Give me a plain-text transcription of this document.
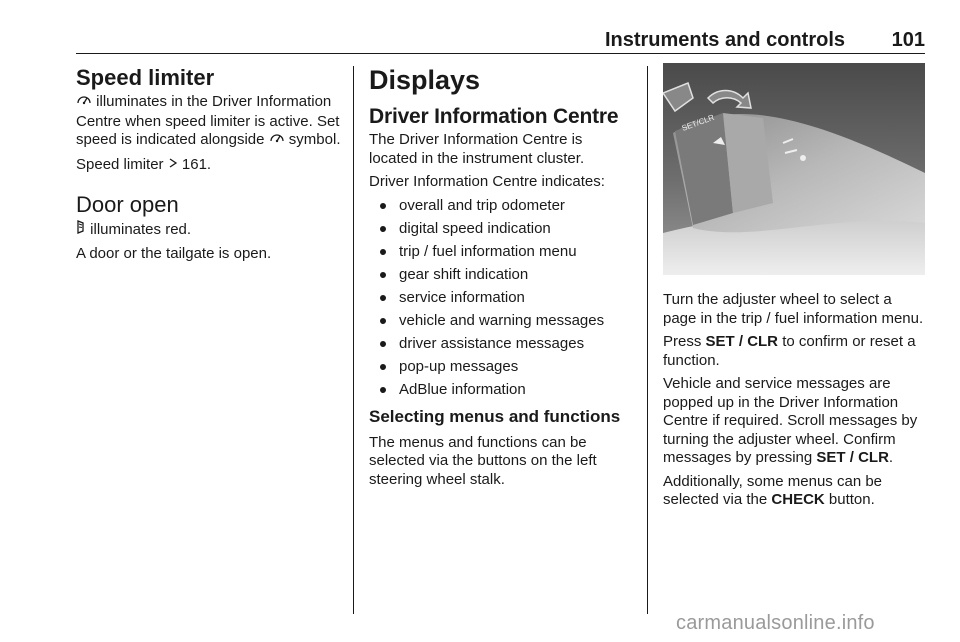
Instruments and controls 101
Speed limiter

illuminates in the Driver Information Centre when speed limiter is active. Set speed is indicated alongside  symbol.

Speed limiter  161.

Door open

illuminates red.

A door or the tailgate is open.

Displays
Driver Information Centre

The Driver Information Centre is located in the instrument cluster.

Driver Information Centre indicates:

overall and trip odometer
digital speed indication
trip / fuel information menu
gear shift indication
service information
vehicle and warning messages
driver assistance messages
pop-up messages
AdBlue information
Selecting menus and functions

The menus and functions can be selected via the buttons on the left steering wheel stalk.

SET/CLR

Turn the adjuster wheel to select a page in the trip / fuel information menu.

Press SET / CLR to confirm or reset a function.

Vehicle and service messages are popped up in the Driver Information Centre if required. Scroll messages by turning the adjuster wheel. Confirm messages by pressing SET / CLR.

Additionally, some menus can be selected via the CHECK button.

carmanualsonline.info
